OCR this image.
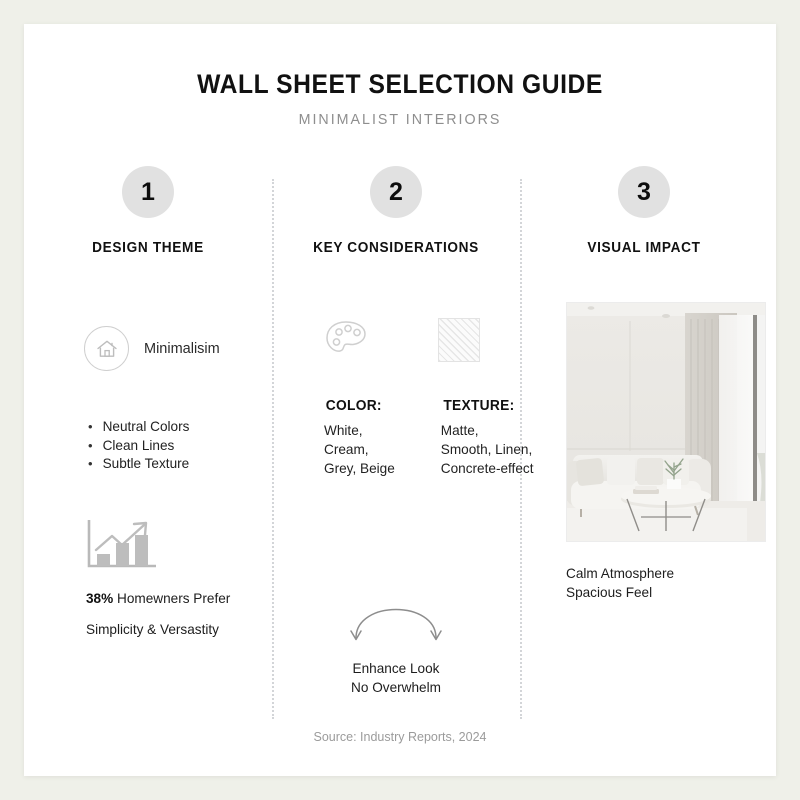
WALL SHEET SELECTION GUIDE
MINIMALIST INTERIORS
1
DESIGN THEME
Minimalisim
• Neutral Colors
• Clean Lines
• Subtle Texture
38% Homewners Prefer
Simplicity & Versastity
2
KEY CONSIDERATIONS
COLOR:

White,
Cream,
Grey, Beige

TEXTURE:

Matte,
Smooth, Linen,
Concrete-effect

Enhance Look
No Overwhelm
3
VISUAL IMPACT
Calm Atmosphere
Spacious Feel
Source: Industry Reports, 2024
